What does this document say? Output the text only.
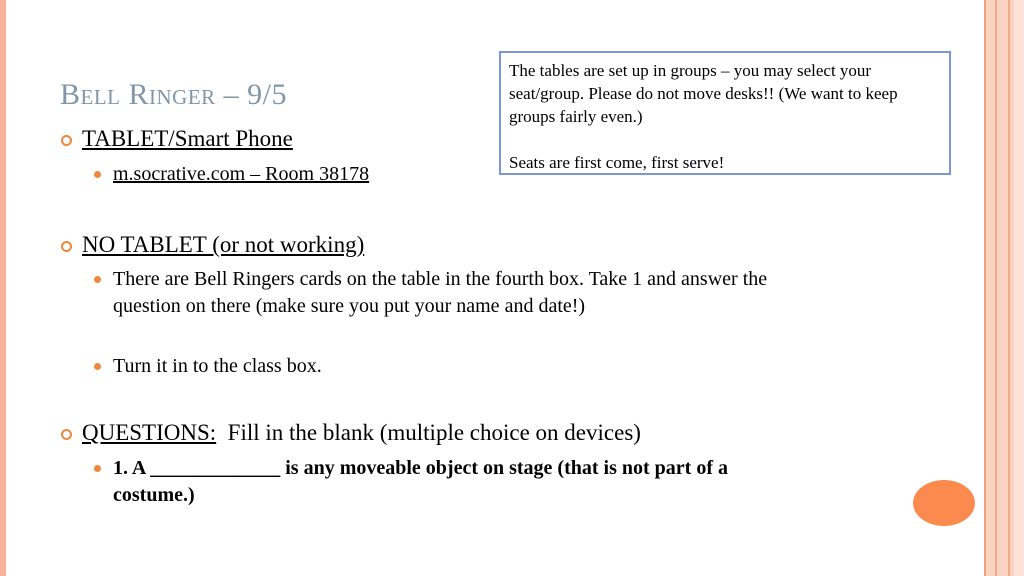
Bell Ringer – 9/5

The tables are set up in groups – you may select your seat/group. Please do not move desks!! (We want to keep groups fairly even.)

Seats are first come, first serve!

TABLET/Smart Phone
m.socrative.com – Room 38178
NO TABLET (or not working)
There are Bell Ringers cards on the table in the fourth box. Take 1 and answer the question on there (make sure you put your name and date!)
Turn it in to the class box.
QUESTIONS:  Fill in the blank (multiple choice on devices)
1. A _____________ is any moveable object on stage (that is not part of a costume.)
